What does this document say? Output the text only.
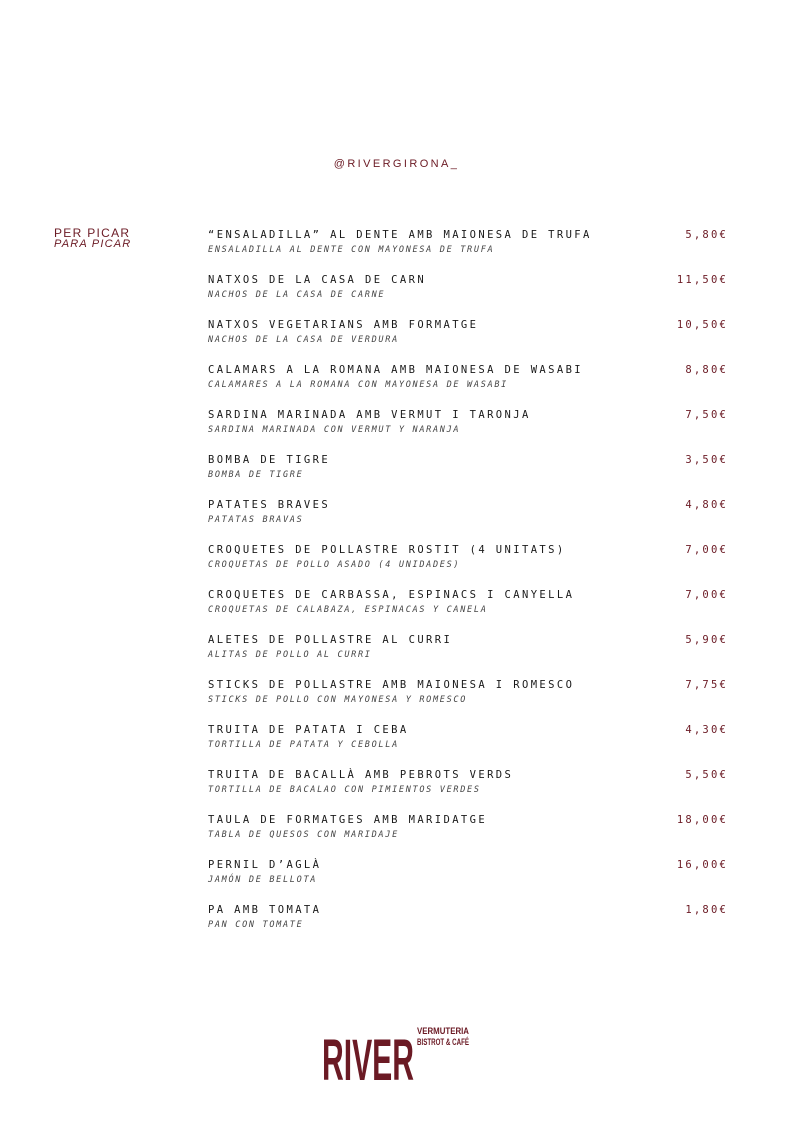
@RIVERGIRONA_
PER PICAR
PARA PICAR
“ENSALADILLA” AL DENTE AMB MAIONESA DE TRUFA
ENSALADILLA AL DENTE CON MAYONESA DE TRUFA
5,80€
NATXOS DE LA CASA DE CARN
NACHOS DE LA CASA DE CARNE
11,50€
NATXOS VEGETARIANS AMB FORMATGE
NACHOS DE LA CASA DE VERDURA
10,50€
CALAMARS A LA ROMANA AMB MAIONESA DE WASABI
CALAMARES A LA ROMANA CON MAYONESA DE WASABI
8,80€
SARDINA MARINADA AMB VERMUT I TARONJA
SARDINA MARINADA CON VERMUT Y NARANJA
7,50€
BOMBA DE TIGRE
BOMBA DE TIGRE
3,50€
PATATES BRAVES
PATATAS BRAVAS
4,80€
CROQUETES DE POLLASTRE ROSTIT (4 UNITATS)
CROQUETAS DE POLLO ASADO (4 UNIDADES)
7,00€
CROQUETES DE CARBASSA, ESPINACS I CANYELLA
CROQUETAS DE CALABAZA, ESPINACAS Y CANELA
7,00€
ALETES DE POLLASTRE AL CURRI
ALITAS DE POLLO AL CURRI
5,90€
STICKS DE POLLASTRE AMB MAIONESA I ROMESCO
STICKS DE POLLO CON MAYONESA Y ROMESCO
7,75€
TRUITA DE PATATA I CEBA
TORTILLA DE PATATA Y CEBOLLA
4,30€
TRUITA DE BACALLÀ AMB PEBROTS VERDS
TORTILLA DE BACALAO CON PIMIENTOS VERDES
5,50€
TAULA DE FORMATGES AMB MARIDATGE
TABLA DE QUESOS CON MARIDAJE
18,00€
PERNIL D’AGLÀ
JAMÓN DE BELLOTA
16,00€
PA AMB TOMATA
PAN CON TOMATE
1,80€
RIVER VERMUTERIA
BISTROT & CAFÉ
